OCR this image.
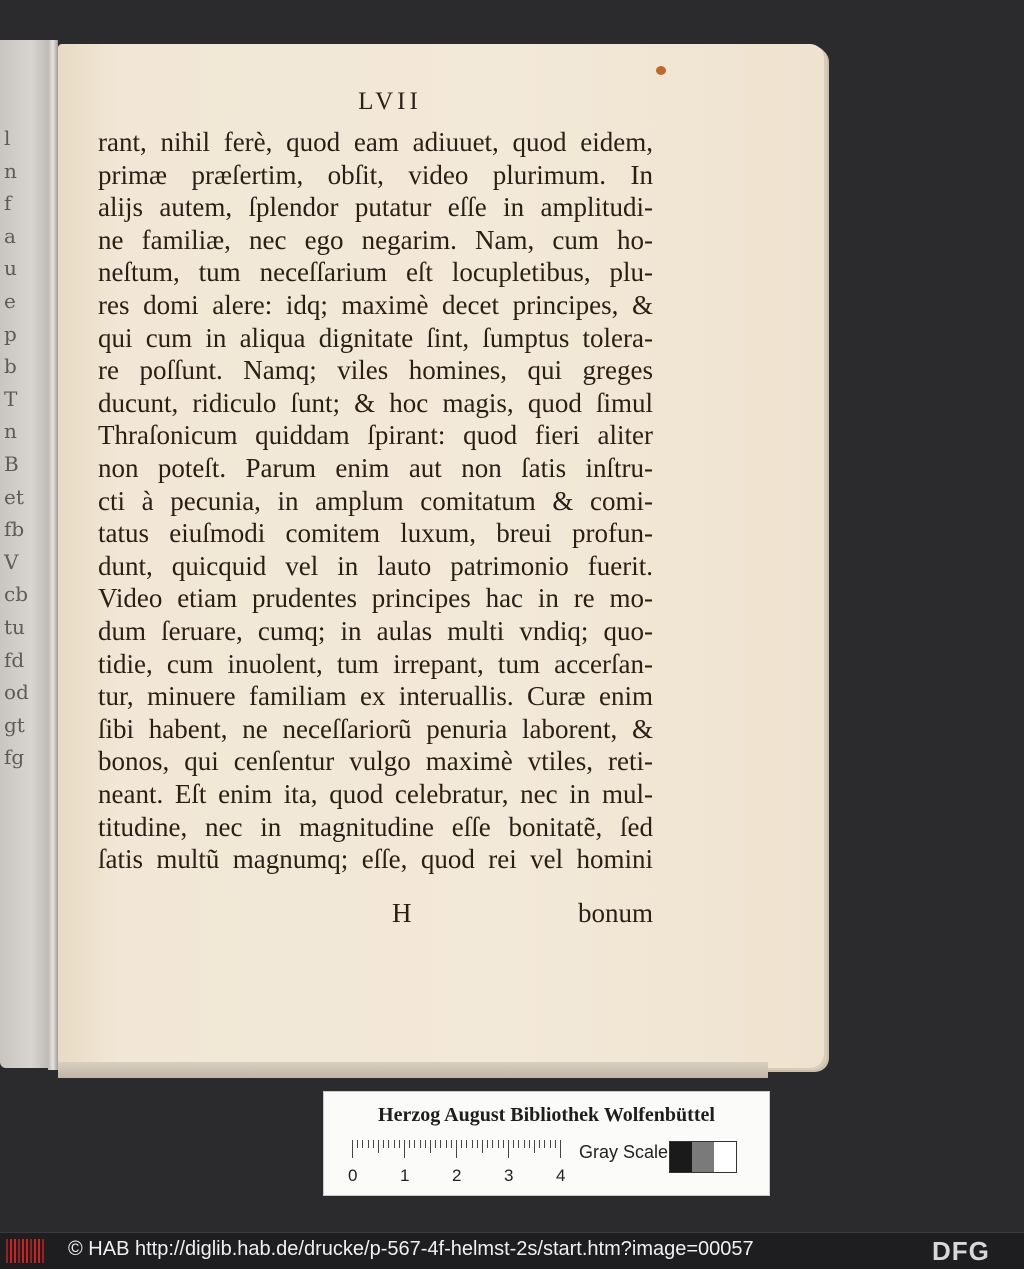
l
n
f
a
u
e
p
b
T
n
B
et
fb
V
cb
tu
fd
od
gt
fg
LVII
rant, nihil ferè, quod eam adiuuet, quod eidem,
primæ præſertim, obſit, video plurimum. In
alijs autem, ſplendor putatur eſſe in amplitudi-
ne familiæ, nec ego negarim. Nam, cum ho-
neſtum, tum neceſſarium eſt locupletibus, plu-
res domi alere: idq; maximè decet principes, &
qui cum in aliqua dignitate ſint, ſumptus tolera-
re poſſunt. Namq; viles homines, qui greges
ducunt, ridiculo ſunt; & hoc magis, quod ſimul
Thraſonicum quiddam ſpirant: quod fieri aliter
non poteſt. Parum enim aut non ſatis inſtru-
cti à pecunia, in amplum comitatum & comi-
tatus eiuſmodi comitem luxum, breui profun-
dunt, quicquid vel in lauto patrimonio fuerit.
Video etiam prudentes principes hac in re mo-
dum ſeruare, cumq; in aulas multi vndiq; quo-
tidie, cum inuolent, tum irrepant, tum accerſan-
tur, minuere familiam ex interuallis. Curæ enim
ſibi habent, ne neceſſariorũ penuria laborent, &
bonos, qui cenſentur vulgo maximè vtiles, reti-
neant. Eſt enim ita, quod celebratur, nec in mul-
titudine, nec in magnitudine eſſe bonitatẽ, ſed
ſatis multũ magnumq; eſſe, quod rei vel homini
H	bonum
Herzog August Bibliothek Wolfenbüttel
0	1	2	3	4
Gray Scale
© HAB http://diglib.hab.de/drucke/p-567-4f-helmst-2s/start.htm?image=00057	DFG
